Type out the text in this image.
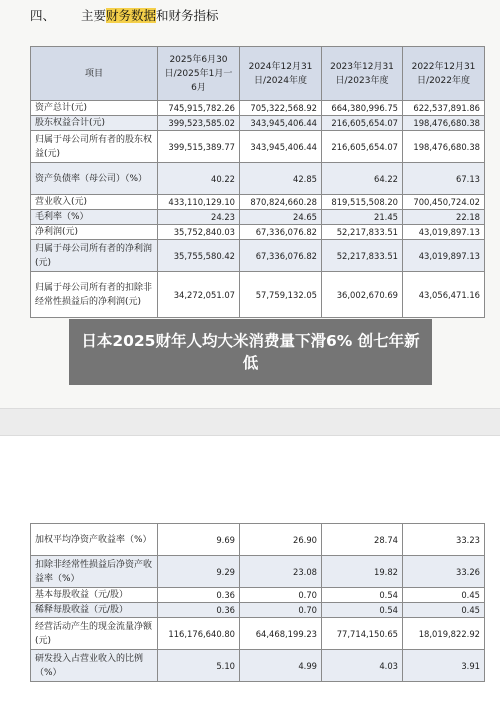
四、 主要财务数据和财务指标
项目	2025年6月30日/2025年1月一6月	2024年12月31日/2024年度	2023年12月31日/2023年度	2022年12月31日/2022年度
资产总计(元)	745,915,782.26	705,322,568.92	664,380,996.75	622,537,891.86
股东权益合计(元)	399,523,585.02	343,945,406.44	216,605,654.07	198,476,680.38
归属于母公司所有者的股东权益(元)	399,515,389.77	343,945,406.44	216,605,654.07	198,476,680.38
资产负债率（母公司）（%）	40.22	42.85	64.22	67.13
营业收入(元)	433,110,129.10	870,824,660.28	819,515,508.20	700,450,724.02
毛利率（%）	24.23	24.65	21.45	22.18
净利润(元)	35,752,840.03	67,336,076.82	52,217,833.51	43,019,897.13
归属于母公司所有者的净利润(元)	35,755,580.42	67,336,076.82	52,217,833.51	43,019,897.13
归属于母公司所有者的扣除非经常性损益后的净利润(元)	34,272,051.07	57,759,132.05	36,002,670.69	43,056,471.16
加权平均净资产收益率（%）	9.69	26.90	28.74	33.23
扣除非经常性损益后净资产收益率（%）	9.29	23.08	19.82	33.26
基本每股收益（元/股）	0.36	0.70	0.54	0.45
稀释每股收益（元/股）	0.36	0.70	0.54	0.45
经营活动产生的现金流量净额(元)	116,176,640.80	64,468,199.23	77,714,150.65	18,019,822.92
研发投入占营业收入的比例（%）	5.10	4.99	4.03	3.91
日本2025财年人均大米消费量下滑6% 创七年新低
